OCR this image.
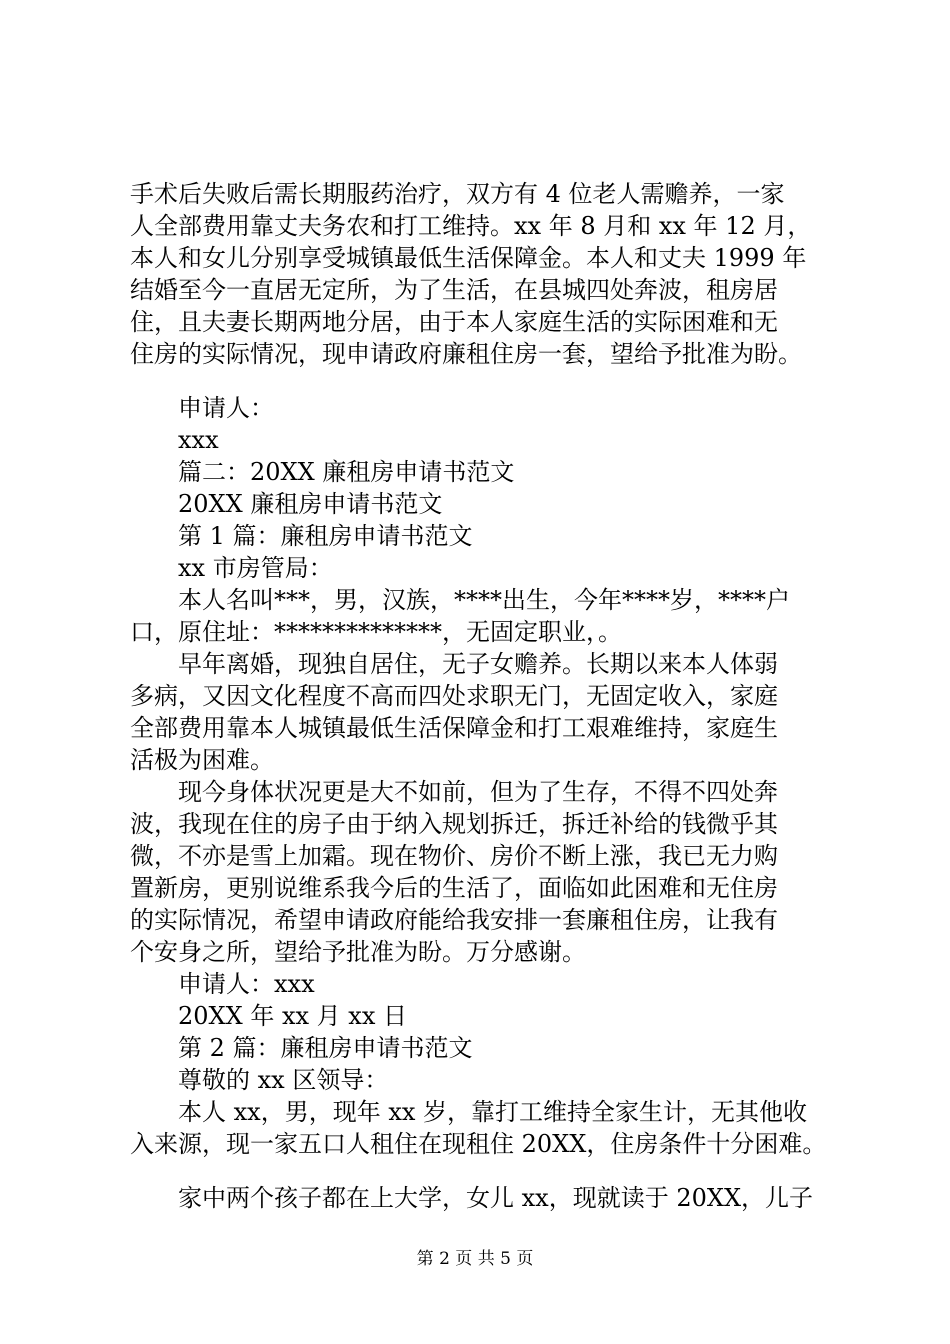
手术后失败后需长期服药治疗，双方有 4 位老人需赡养，一家
人全部费用靠丈夫务农和打工维持。xx 年 8 月和 xx 年 12 月，
本人和女儿分别享受城镇最低生活保障金。本人和丈夫 1999 年
结婚至今一直居无定所，为了生活，在县城四处奔波，租房居
住，且夫妻长期两地分居，由于本人家庭生活的实际困难和无
住房的实际情况，现申请政府廉租住房一套，望给予批准为盼。
申请人：
xxx
篇二：20XX 廉租房申请书范文
20XX 廉租房申请书范文
第 1 篇：廉租房申请书范文
xx 市房管局：
本人名叫***，男，汉族，****出生，今年****岁，****户
口，原住址：**************，无固定职业，。
早年离婚，现独自居住，无子女赡养。长期以来本人体弱
多病，又因文化程度不高而四处求职无门，无固定收入，家庭
全部费用靠本人城镇最低生活保障金和打工艰难维持，家庭生
活极为困难。
现今身体状况更是大不如前，但为了生存，不得不四处奔
波，我现在住的房子由于纳入规划拆迁，拆迁补给的钱微乎其
微，不亦是雪上加霜。现在物价、房价不断上涨，我已无力购
置新房，更别说维系我今后的生活了，面临如此困难和无住房
的实际情况，希望申请政府能给我安排一套廉租住房，让我有
个安身之所，望给予批准为盼。万分感谢。
申请人：xxx
20XX 年 xx 月 xx 日
第 2 篇：廉租房申请书范文
尊敬的 xx 区领导：
本人 xx，男，现年 xx 岁，靠打工维持全家生计，无其他收
入来源，现一家五口人租住在现租住 20XX，住房条件十分困难。
家中两个孩子都在上大学，女儿 xx，现就读于 20XX，儿子
第 2 页 共 5 页
